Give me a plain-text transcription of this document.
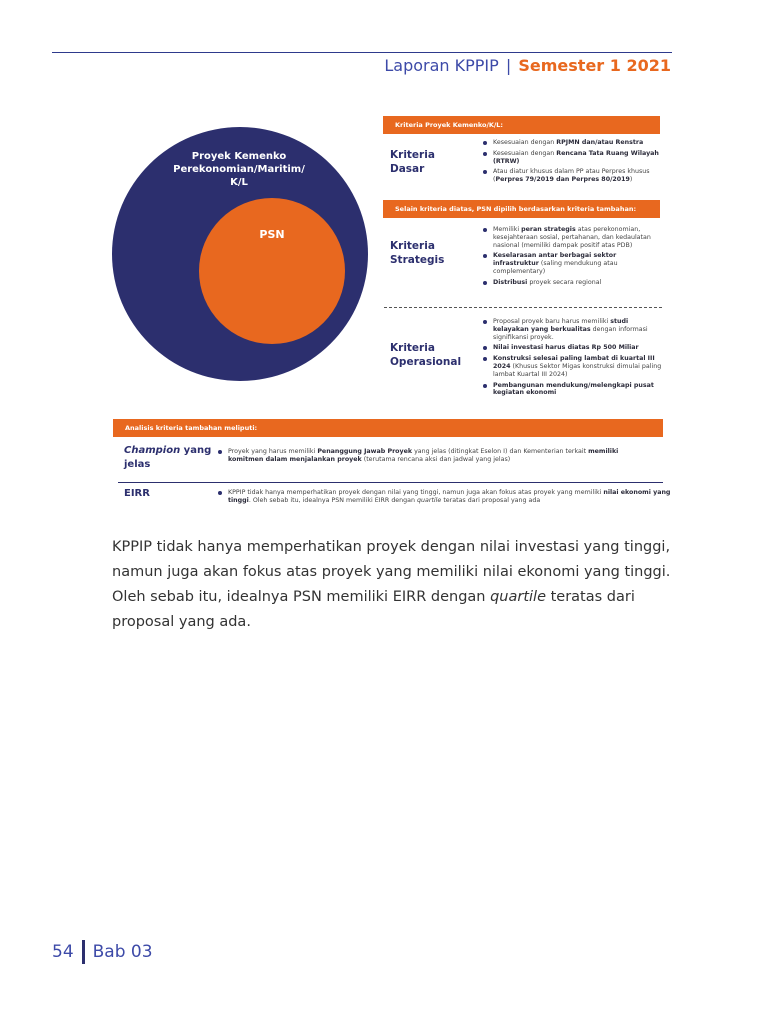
Laporan KPPIP | Semester 1 2021
Proyek Kemenko Perekonomian/Maritim/ K/L
PSN
Kriteria Proyek Kemenko/K/L:
Kriteria Dasar
Kesesuaian dengan RPJMN dan/atau Renstra
Kesesuaian dengan Rencana Tata Ruang Wilayah (RTRW)
Atau diatur khusus dalam PP atau Perpres khusus (Perpres 79/2019 dan Perpres 80/2019)
Selain kriteria diatas, PSN dipilih berdasarkan kriteria tambahan:
Kriteria Strategis
Memiliki peran strategis atas perekonomian, kesejahteraan sosial, pertahanan, dan kedaulatan nasional (memiliki dampak positif atas PDB)
Keselarasan antar berbagai sektor infrastruktur (saling mendukung atau complementary)
Distribusi proyek secara regional
Kriteria Operasional
Proposal proyek baru harus memiliki studi kelayakan yang berkualitas dengan informasi signifikansi proyek.
Nilai investasi harus diatas Rp 500 Miliar
Konstruksi selesai paling lambat di kuartal III 2024 (Khusus Sektor Migas konstruksi dimulai paling lambat Kuartal III 2024)
Pembangunan mendukung/melengkapi pusat kegiatan ekonomi
Analisis kriteria tambahan meliputi:
Champion yang jelas
Proyek yang harus memiliki Penanggung Jawab Proyek yang jelas (ditingkat Eselon I) dan Kementerian terkait memiliki komitmen dalam menjalankan proyek (terutama rencana aksi dan jadwal yang jelas)
EIRR	KPPIP tidak hanya memperhatikan proyek dengan nilai yang tinggi, namun juga akan fokus atas proyek yang memiliki nilai ekonomi yang tinggi. Oleh sebab itu, idealnya PSN memiliki EIRR dengan quartile teratas dari proposal yang ada
KPPIP tidak hanya memperhatikan proyek dengan nilai investasi yang tinggi, namun juga akan fokus atas proyek yang memiliki nilai ekonomi yang tinggi. Oleh sebab itu, idealnya PSN memiliki EIRR dengan quartile teratas dari proposal yang ada.
54 Bab 03
